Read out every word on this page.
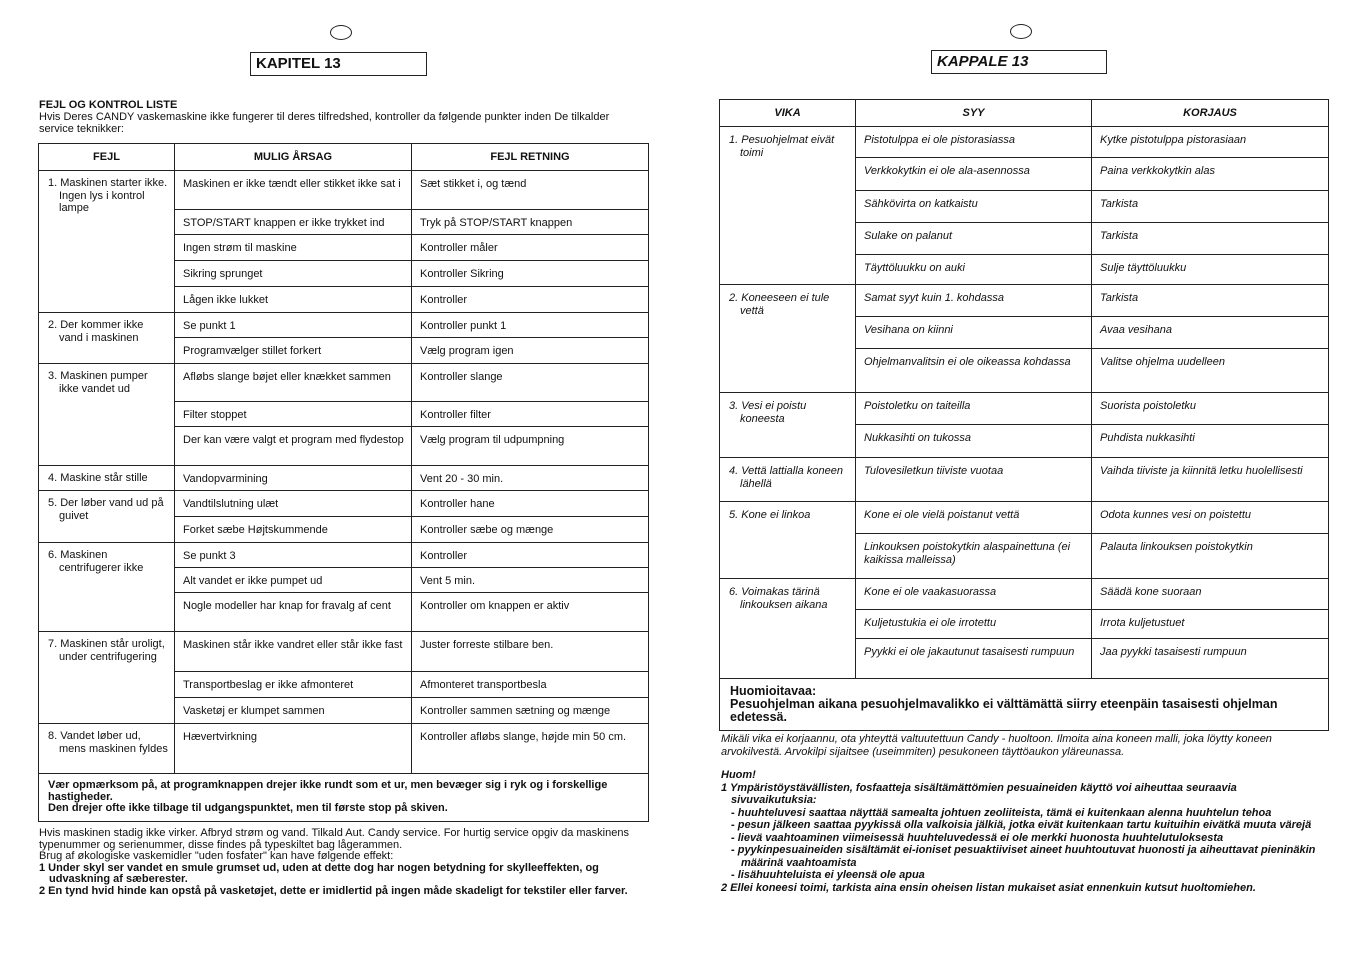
KAPITEL 13
FEJL OG KONTROL LISTE
Hvis Deres CANDY vaskemaskine ikke fungerer til deres tilfredshed, kontroller da følgende punkter inden De tilkalder service teknikker:
FEJL	MULIG ÅRSAG	FEJL RETNING

1. Maskinen starter ikke. Ingen lys i kontrol lampe	Maskinen er ikke tændt eller stikket ikke sat i	Sæt stikket i, og tænd

	STOP/START knappen er ikke trykket ind	Tryk på STOP/START knappen

	Ingen strøm til maskine	Kontroller måler

	Sikring sprunget	Kontroller Sikring

	Lågen ikke lukket	Kontroller

2. Der kommer ikke vand i maskinen	Se punkt 1	Kontroller punkt 1

	Programvælger stillet forkert	Vælg program igen

3. Maskinen pumper ikke vandet ud	Afløbs slange bøjet eller knækket sammen	Kontroller slange

	Filter stoppet	Kontroller filter

	Der kan være valgt et program med flydestop	Vælg program til udpumpning

4. Maskine står stille	Vandopvarmining	Vent 20 - 30 min.

5. Der løber vand ud på guivet	Vandtilslutning ulæt	Kontroller hane

	Forket sæbe Højtskummende	Kontroller sæbe og mænge

6. Maskinen centrifugerer ikke	Se punkt 3	Kontroller

	Alt vandet er ikke pumpet ud	Vent 5 min.

	Nogle modeller har knap for fravalg af cent	Kontroller om knappen er aktiv

7. Maskinen står uroligt, under centrifugering	Maskinen står ikke vandret eller står ikke fast	Juster forreste stilbare ben.

	Transportbeslag er ikke afmonteret	Afmonteret transportbesla

	Vasketøj er klumpet sammen	Kontroller sammen sætning og mænge

8. Vandet løber ud, mens maskinen fyldes	Hævertvirkning	Kontroller afløbs slange, højde min 50 cm.

Vær opmærksom på, at programknappen drejer ikke rundt som et ur, men bevæger sig i ryk og i forskellige hastigheder.
Den drejer ofte ikke tilbage til udgangspunktet, men til første stop på skiven.		
Hvis maskinen stadig ikke virker. Afbryd strøm og vand. Tilkald Aut. Candy service. For hurtig service opgiv da maskinens typenummer og serienummer, disse findes på typeskiltet bag lågerammen.
Brug af økologiske vaskemidler "uden fosfater" kan have følgende effekt:
1 Under skyl ser vandet en smule grumset ud, uden at dette dog har nogen betydning for skylleeffekten, og udvaskning af sæberester.
2 En tynd hvid hinde kan opstå på vasketøjet, dette er imidlertid på ingen måde skadeligt for tekstiler eller farver.
KAPPALE 13
VIKA	SYY	KORJAUS

1. Pesuohjelmat eivät toimi	Pistotulppa ei ole pistorasiassa	Kytke pistotulppa pistorasiaan

	Verkkokytkin ei ole ala-asennossa	Paina verkkokytkin alas

	Sähkövirta on katkaistu	Tarkista

	Sulake on palanut	Tarkista

	Täyttöluukku on auki	Sulje täyttöluukku

2. Koneeseen ei tule vettä	Samat syyt kuin 1. kohdassa	Tarkista

	Vesihana on kiinni	Avaa vesihana

	Ohjelmanvalitsin ei ole oikeassa kohdassa	Valitse ohjelma uudelleen

3. Vesi ei poistu koneesta	Poistoletku on taiteilla	Suorista poistoletku

	Nukkasihti on tukossa	Puhdista nukkasihti

4. Vettä lattialla koneen lähellä	Tulovesiletkun tiiviste vuotaa	Vaihda tiiviste ja kiinnitä letku huolellisesti

5. Kone ei linkoa	Kone ei ole vielä poistanut vettä	Odota kunnes vesi on poistettu

	Linkouksen poistokytkin alaspainettuna (ei kaikissa malleissa)	Palauta linkouksen poistokytkin

6. Voimakas tärinä linkouksen aikana	Kone ei ole vaakasuorassa	Säädä kone suoraan

	Kuljetustukia ei ole irrotettu	Irrota kuljetustuet

	Pyykki ei ole jakautunut tasaisesti rumpuun	Jaa pyykki tasaisesti rumpuun

Huomioitavaa:
Pesuohjelman aikana pesuohjelmavalikko ei välttämättä siirry eteenpäin tasaisesti ohjelman edetessä.		
Mikäli vika ei korjaannu, ota yhteyttä valtuutettuun Candy - huoltoon. Ilmoita aina koneen malli, joka löytty koneen arvokilvestä. Arvokilpi sijaitsee (useimmiten) pesukoneen täyttöaukon yläreunassa.
Huom!
1 Ympäristöystävällisten, fosfaatteja sisältämättömien pesuaineiden käyttö voi aiheuttaa seuraavia sivuvaikutuksia:
- huuhteluvesi saattaa näyttää samealta johtuen zeoliiteista, tämä ei kuitenkaan alenna huuhtelun tehoa
- pesun jälkeen saattaa pyykissä olla valkoisia jälkiä, jotka eivät kuitenkaan tartu kuituihin eivätkä muuta värejä
- lievä vaahtoaminen viimeisessä huuhteluvedessä ei ole merkki huonosta huuhtelutuloksesta
- pyykinpesuaineiden sisältämät ei-ioniset pesuaktiiviset aineet huuhtoutuvat huonosti ja aiheuttavat pieninäkin määrinä vaahtoamista
- lisähuuhteluista ei yleensä ole apua
2 Ellei koneesi toimi, tarkista aina ensin oheisen listan mukaiset asiat ennenkuin kutsut huoltomiehen.
